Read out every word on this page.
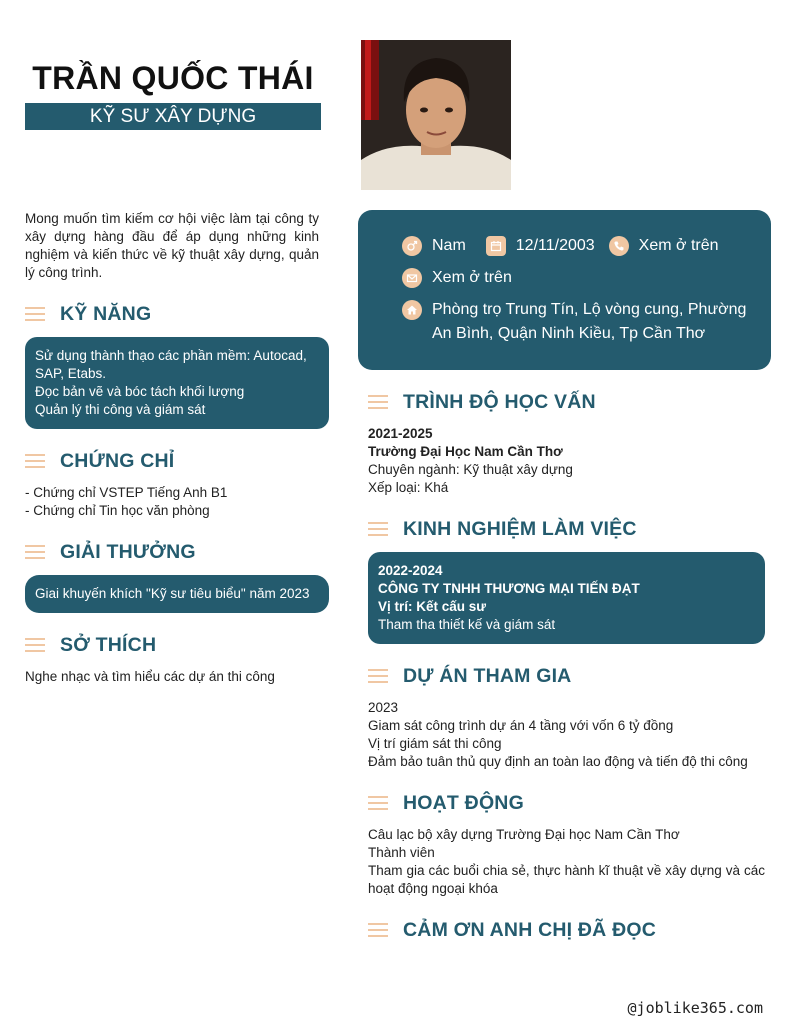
TRẦN QUỐC THÁI
KỸ SƯ XÂY DỰNG
Mong muốn tìm kiếm cơ hội việc làm tại công ty xây dựng hàng đầu để áp dụng những kinh nghiệm và kiến thức về kỹ thuật xây dựng, quản lý công trình.
KỸ NĂNG
Sử dụng thành thạo các phần mềm: Autocad, SAP, Etabs.
Đọc bản vẽ và bóc tách khối lượng
Quản lý thi công và giám sát
CHỨNG CHỈ
- Chứng chỉ VSTEP Tiếng Anh B1
- Chứng chỉ Tin học văn phòng
GIẢI THƯỞNG
Giai khuyến khích "Kỹ sư tiêu biểu" năm 2023
SỞ THÍCH
Nghe nhạc và tìm hiểu các dự án thi công
Nam	12/11/2003	Xem ở trên
Xem ở trên
Phòng trọ Trung Tín, Lộ vòng cung, Phường An Bình, Quận Ninh Kiều, Tp Cần Thơ
TRÌNH ĐỘ HỌC VẤN
2021-2025
Trường Đại Học Nam Cần Thơ
Chuyên ngành: Kỹ thuật xây dựng
Xếp loại: Khá
KINH NGHIỆM LÀM VIỆC
2022-2024
CÔNG TY TNHH THƯƠNG MẠI TIẾN ĐẠT
Vị trí: Kết cấu sư
Tham tha thiết kế và giám sát
DỰ ÁN THAM GIA
2023
Giam sát công trình dự án 4 tầng với vốn 6 tỷ đồng
Vị trí giám sát thi công
Đảm bảo tuân thủ quy định an toàn lao động và tiến độ thi công
HOẠT ĐỘNG
Câu lạc bộ xây dựng Trường Đại học Nam Cần Thơ
Thành viên
Tham gia các buổi chia sẻ, thực hành kĩ thuật về xây dựng và các hoạt động ngoại khóa
CẢM ƠN ANH CHỊ ĐÃ ĐỌC
@joblike365.com
